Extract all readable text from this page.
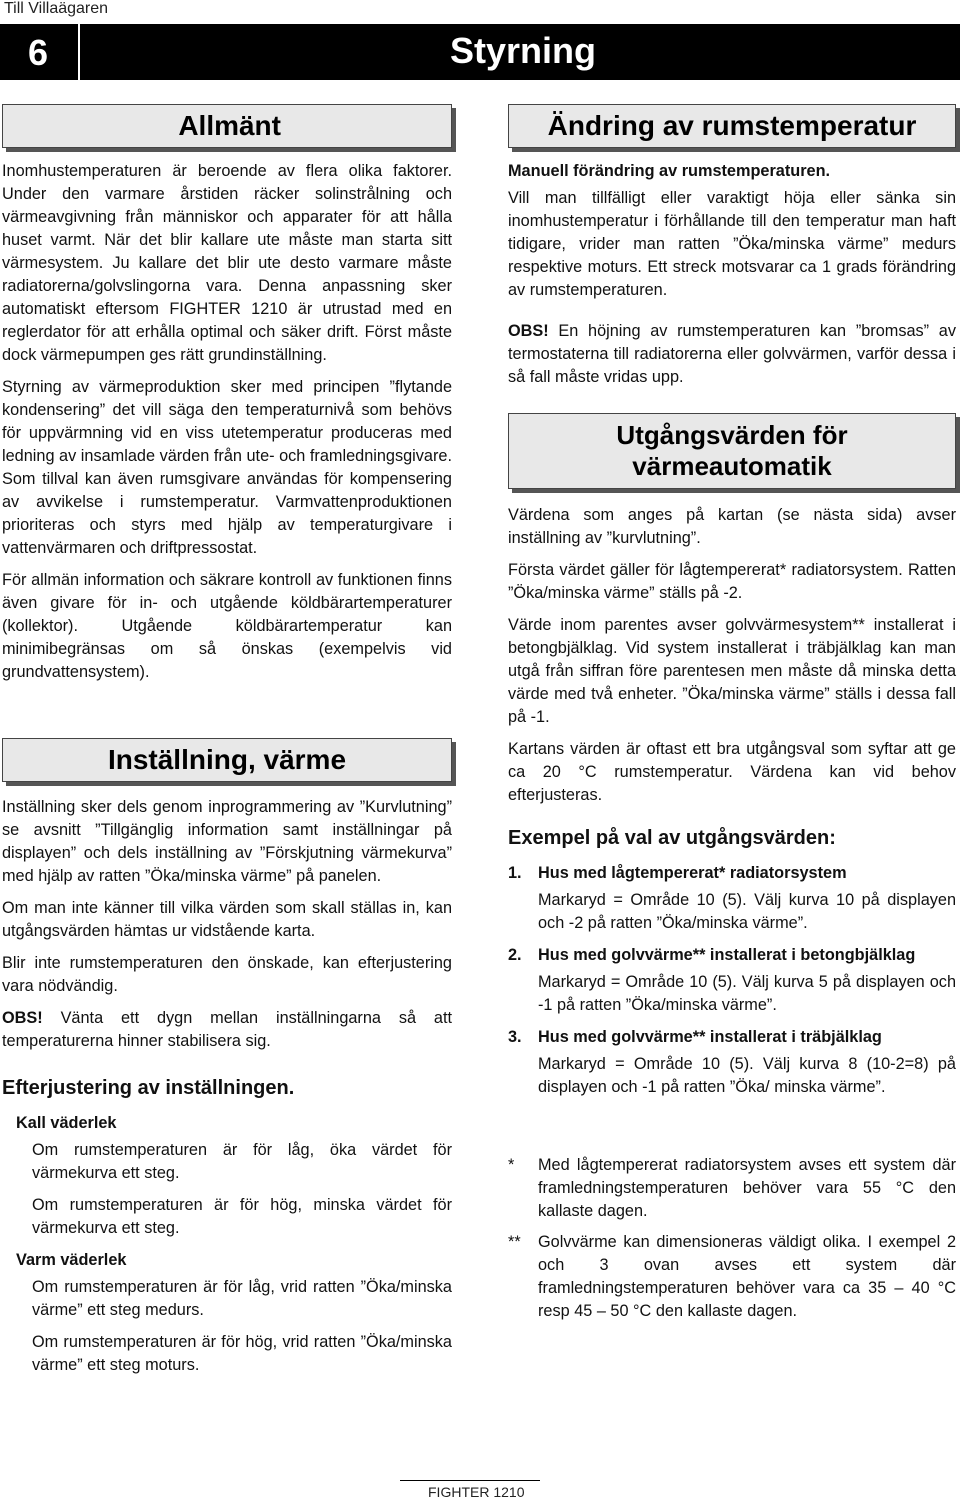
Till Villaägaren
6	Styrning
Allmänt

Inomhustemperaturen är beroende av flera olika faktorer. Under den varmare årstiden räcker solinstrålning och värmeavgivning från människor och apparater för att hålla huset varmt. När det blir kallare ute måste man starta sitt värmesystem. Ju kallare det blir ute desto varmare måste radiatorerna/golvslingorna vara. Denna anpassning sker automatiskt eftersom FIGHTER 1210 är utrustad med en reglerdator för att erhålla optimal och säker drift. Först måste dock värmepumpen ges rätt grundinställning.

Styrning av värmeproduktion sker med principen ”flytande kondensering” det vill säga den temperaturnivå som behövs för uppvärmning vid en viss utetemperatur produceras med ledning av insamlade värden från ute- och framledningsgivare. Som tillval kan även rumsgivare användas för kompensering av avvikelse i rumstemperatur. Varmvattenproduktionen prioriteras och styrs med hjälp av temperaturgivare i vattenvärmaren och driftpressostat.

För allmän information och säkrare kontroll av funktionen finns även givare för in- och utgående köldbärartemperaturer (kollektor). Utgående köldbärartemperatur kan minimibegränsas om så önskas (exempelvis vid grundvattensystem).

Inställning, värme

Inställning sker dels genom inprogrammering av ”Kurvlutning” se avsnitt ”Tillgänglig information samt inställningar på displayen” och dels inställning av ”Förskjutning värmekurva” med hjälp av ratten ”Öka/minska värme” på panelen.

Om man inte känner till vilka värden som skall ställas in, kan utgångsvärden hämtas ur vidstående karta.

Blir inte rumstemperaturen den önskade, kan efterjustering vara nödvändig.

OBS! Vänta ett dygn mellan inställningarna så att temperaturerna hinner stabilisera sig.

Efterjustering av inställningen.
Kall väderlek

Om rumstemperaturen är för låg, öka värdet för värmekurva ett steg.

Om rumstemperaturen är för hög, minska värdet för värmekurva ett steg.

Varm väderlek

Om rumstemperaturen är för låg, vrid ratten ”Öka/minska värme” ett steg medurs.

Om rumstemperaturen är för hög, vrid ratten ”Öka/minska värme” ett steg moturs.

Ändring av rumstemperatur

Manuell förändring av rumstemperaturen.

Vill man tillfälligt eller varaktigt höja eller sänka sin inomhustemperatur i förhållande till den temperatur man haft tidigare, vrider man ratten ”Öka/minska värme” medurs respektive moturs. Ett streck motsvarar ca 1 grads förändring av rumstemperaturen.

OBS! En höjning av rumstemperaturen kan ”bromsas” av termostaterna till radiatorerna eller golvvärmen, varför dessa i så fall måste vridas upp.

Utgångsvärden för
värmeautomatik

Värdena som anges på kartan (se nästa sida) avser inställning av ”kurvlutning”.

Första värdet gäller för lågtempererat* radiatorsystem. Ratten ”Öka/minska värme” ställs på -2.

Värde inom parentes avser golvvärmesystem** installerat i betongbjälklag. Vid system installerat i träbjälklag kan man utgå från siffran före parentesen men måste då minska detta värde med två enheter. ”Öka/minska värme” ställs i dessa fall på -1.

Kartans värden är oftast ett bra utgångsval som syftar att ge ca 20 °C rumstemperatur. Värdena kan vid behov efterjusteras.

Exempel på val av utgångsvärden:
1.	Hus med lågtempererat* radiatorsystem

Markaryd = Område 10 (5). Välj kurva 10 på displayen och -2 på ratten ”Öka/minska värme”.

2.	Hus med golvvärme** installerat i betongbjälklag

Markaryd = Område 10 (5). Välj kurva 5 på displayen och -1 på ratten ”Öka/minska värme”.

3.	Hus med golvvärme** installerat i träbjälklag

Markaryd = Område 10 (5). Välj kurva 8 (10-2=8) på displayen och -1 på ratten ”Öka/ minska värme”.

*	Med lågtempererat radiatorsystem avses ett system där framledningstemperaturen behöver vara 55 °C den kallaste dagen.
**	Golvvärme kan dimensioneras väldigt olika. I exempel 2 och 3 ovan avses ett system där framledningstemperaturen behöver vara ca 35 – 40 °C resp 45 – 50 °C den kallaste dagen.
FIGHTER 1210
